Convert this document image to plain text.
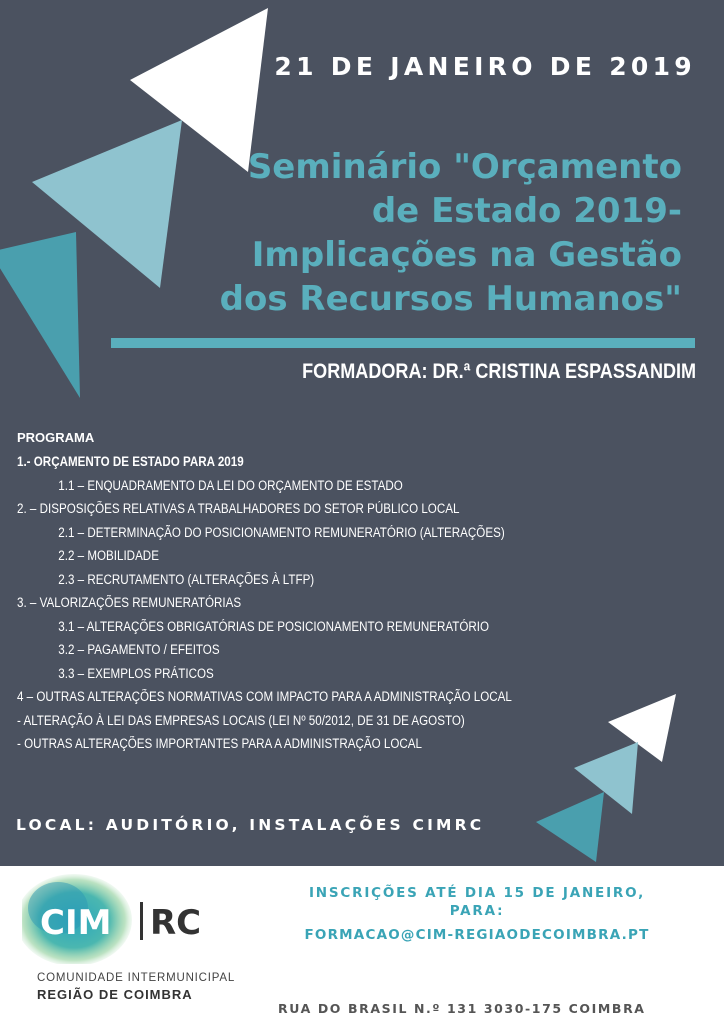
DIA 21 DE JANEIRO DE 2019
Seminário "Orçamento
de Estado 2019-
Implicações na Gestão
dos Recursos Humanos"
FORMADORA: DR.ª CRISTINA ESPASSANDIM
PROGRAMA
1.- ORÇAMENTO DE ESTADO PARA 2019
1.1 – ENQUADRAMENTO DA LEI DO ORÇAMENTO DE ESTADO
2. – DISPOSIÇÕES RELATIVAS A TRABALHADORES DO SETOR PÚBLICO LOCAL
2.1 – DETERMINAÇÃO DO POSICIONAMENTO REMUNERATÓRIO (ALTERAÇÕES)
2.2 – MOBILIDADE
2.3 – RECRUTAMENTO (ALTERAÇÕES À LTFP)
3. – VALORIZAÇÕES REMUNERATÓRIAS
3.1 – ALTERAÇÕES OBRIGATÓRIAS DE POSICIONAMENTO REMUNERATÓRIO
3.2 – PAGAMENTO / EFEITOS
3.3 – EXEMPLOS PRÁTICOS
4 – OUTRAS ALTERAÇÕES NORMATIVAS COM IMPACTO PARA A ADMINISTRAÇÃO LOCAL
- ALTERAÇÃO À LEI DAS EMPRESAS LOCAIS (LEI Nº 50/2012, DE 31 DE AGOSTO)
- OUTRAS ALTERAÇÕES IMPORTANTES PARA A ADMINISTRAÇÃO LOCAL
LOCAL: AUDITÓRIO, INSTALAÇÕES CIMRC
CIM RC
COMUNIDADE INTERMUNICIPAL
REGIÃO DE COIMBRA
INSCRIÇÕES ATÉ DIA 15 DE JANEIRO,
PARA:
FORMACAO@CIM-REGIAODECOIMBRA.PT
RUA DO BRASIL N.º 131 3030-175 COIMBRA
